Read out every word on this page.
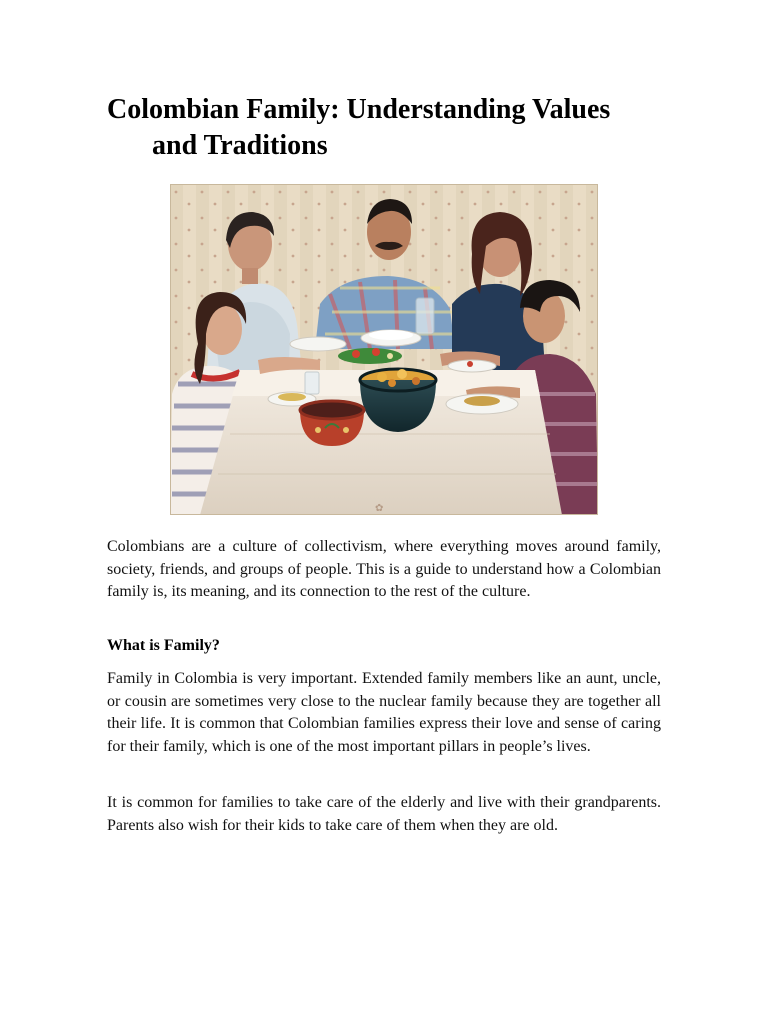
Colombian Family: Understanding Values
and Traditions
✿

Colombians are a culture of collectivism, where everything moves around family, society, friends, and groups of people. This is a guide to understand how a Colombian family is, its meaning, and its connection to the rest of the culture.

What is Family?

Family in Colombia is very important. Extended family members like an aunt, uncle, or cousin are sometimes very close to the nuclear family because they are together all their life. It is common that Colombian families express their love and sense of caring for their family, which is one of the most important pillars in people’s lives.

It is common for families to take care of the elderly and live with their grandparents. Parents also wish for their kids to take care of them when they are old.
